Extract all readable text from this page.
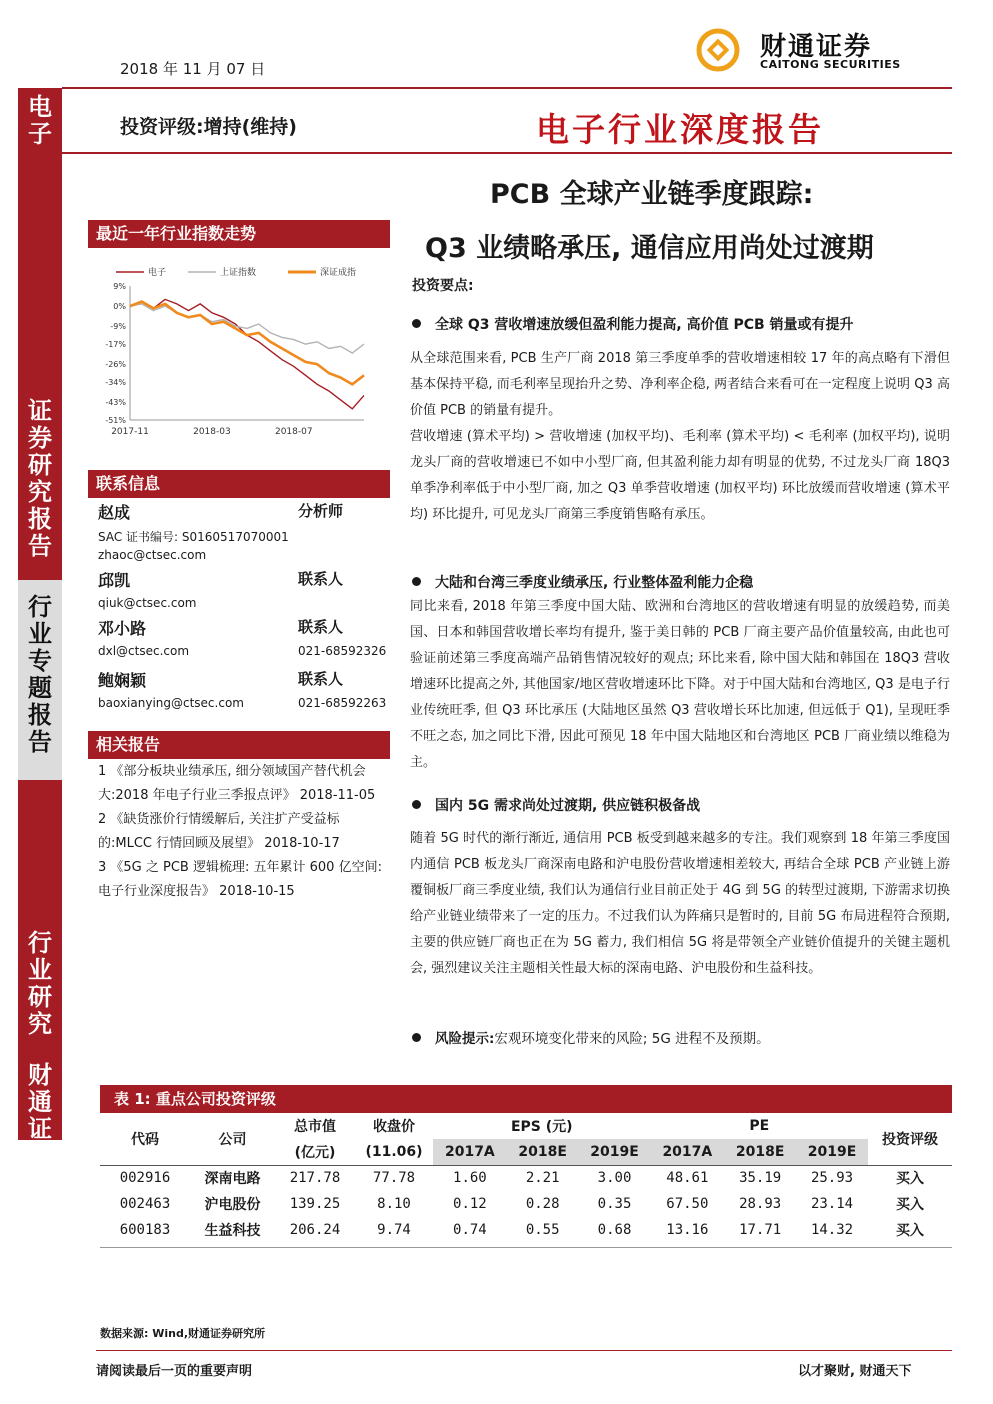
电子
证券研究报告
行业专题报告
行业研究
财通证券研究所
2018 年 11 月 07 日
财通证券
CAITONG SECURITIES
投资评级:增持(维持)	电子行业深度报告
PCB 全球产业链季度跟踪:
Q3 业绩略承压, 通信应用尚处过渡期
最近一年行业指数走势
9%
0%
-9%
-17%
-26%
-34%
-43%
-51%
2017-11	2018-03	2018-07
电子	上证指数	深证成指
联系信息
赵成	分析师
SAC 证书编号: S0160517070001
zhaoc@ctsec.com
邱凯	联系人
qiuk@ctsec.com
邓小路	联系人
dxl@ctsec.com	021-68592326
鲍娴颖	联系人
baoxianying@ctsec.com	021-68592263
相关报告
1 《部分板块业绩承压, 细分领域国产替代机会大:2018 年电子行业三季报点评》 2018-11-05
2 《缺货涨价行情缓解后, 关注扩产受益标的:MLCC 行情回顾及展望》 2018-10-17
3 《5G 之 PCB 逻辑梳理: 五年累计 600 亿空间:电子行业深度报告》 2018-10-15
投资要点:
全球 Q3 营收增速放缓但盈利能力提高, 高价值 PCB 销量或有提升
从全球范围来看, PCB 生产厂商 2018 第三季度单季的营收增速相较 17 年的高点略有下滑但基本保持平稳, 而毛利率呈现抬升之势、净利率企稳, 两者结合来看可在一定程度上说明 Q3 高价值 PCB 的销量有提升。
营收增速 (算术平均) > 营收增速 (加权平均)、毛利率 (算术平均) < 毛利率 (加权平均), 说明龙头厂商的营收增速已不如中小型厂商, 但其盈利能力却有明显的优势, 不过龙头厂商 18Q3 单季净利率低于中小型厂商, 加之 Q3 单季营收增速 (加权平均) 环比放缓而营收增速 (算术平均) 环比提升, 可见龙头厂商第三季度销售略有承压。
大陆和台湾三季度业绩承压, 行业整体盈利能力企稳
同比来看, 2018 年第三季度中国大陆、欧洲和台湾地区的营收增速有明显的放缓趋势, 而美国、日本和韩国营收增长率均有提升, 鉴于美日韩的 PCB 厂商主要产品价值量较高, 由此也可验证前述第三季度高端产品销售情况较好的观点; 环比来看, 除中国大陆和韩国在 18Q3 营收增速环比提高之外, 其他国家/地区营收增速环比下降。对于中国大陆和台湾地区, Q3 是电子行业传统旺季, 但 Q3 环比承压 (大陆地区虽然 Q3 营收增长环比加速, 但远低于 Q1), 呈现旺季不旺之态, 加之同比下滑, 因此可预见 18 年中国大陆地区和台湾地区 PCB 厂商业绩以维稳为主。
国内 5G 需求尚处过渡期, 供应链积极备战
随着 5G 时代的渐行渐近, 通信用 PCB 板受到越来越多的专注。我们观察到 18 年第三季度国内通信 PCB 板龙头厂商深南电路和沪电股份营收增速相差较大, 再结合全球 PCB 产业链上游覆铜板厂商三季度业绩, 我们认为通信行业目前正处于 4G 到 5G 的转型过渡期, 下游需求切换给产业链业绩带来了一定的压力。不过我们认为阵痛只是暂时的, 目前 5G 布局进程符合预期, 主要的供应链厂商也正在为 5G 蓄力, 我们相信 5G 将是带领全产业链价值提升的关键主题机会, 强烈建议关注主题相关性最大标的深南电路、沪电股份和生益科技。
风险提示:宏观环境变化带来的风险; 5G 进程不及预期。
表 1: 重点公司投资评级
代码	公司	总市值	收盘价	EPS (元)			PE			投资评级
		(亿元)	(11.06)	2017A	2018E	2019E	2017A	2018E	2019E	
002916	深南电路	217.78	77.78	1.60	2.21	3.00	48.61	35.19	25.93	买入
002463	沪电股份	139.25	8.10	0.12	0.28	0.35	67.50	28.93	23.14	买入
600183	生益科技	206.24	9.74	0.74	0.55	0.68	13.16	17.71	14.32	买入
数据来源: Wind,财通证券研究所
请阅读最后一页的重要声明	以才聚财, 财通天下
